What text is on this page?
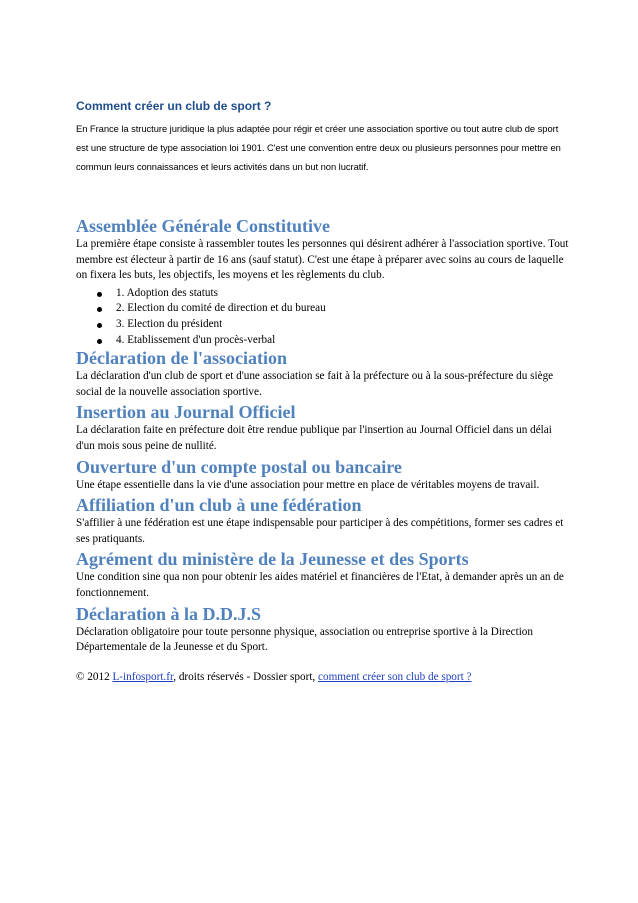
Comment créer un club de sport ?

En France la structure juridique la plus adaptée pour régir et créer une association sportive ou tout autre club de sport est une structure de type association loi 1901. C'est une convention entre deux ou plusieurs personnes pour mettre en commun leurs connaissances et leurs activités dans un but non lucratif.

Assemblée Générale Constitutive

La première étape consiste à rassembler toutes les personnes qui désirent adhérer à l'association sportive. Tout membre est électeur à partir de 16 ans (sauf statut). C'est une étape à préparer avec soins au cours de laquelle on fixera les buts, les objectifs, les moyens et les règlements du club.

1. Adoption des statuts
2. Election du comité de direction et du bureau
3. Election du président
4. Etablissement d'un procès-verbal
Déclaration de l'association

La déclaration d'un club de sport et d'une association se fait à la préfecture ou à la sous-préfecture du siège social de la nouvelle association sportive.

Insertion au Journal Officiel

La déclaration faite en préfecture doit être rendue publique par l'insertion au Journal Officiel dans un délai d'un mois sous peine de nullité.

Ouverture d'un compte postal ou bancaire

Une étape essentielle dans la vie d'une association pour mettre en place de véritables moyens de travail.

Affiliation d'un club à une fédération

S'affilier à une fédération est une étape indispensable pour participer à des compétitions, former ses cadres et ses pratiquants.

Agrément du ministère de la Jeunesse et des Sports

Une condition sine qua non pour obtenir les aides matériel et financières de l'Etat, à demander après un an de fonctionnement.

Déclaration à la D.D.J.S

Déclaration obligatoire pour toute personne physique, association ou entreprise sportive à la Direction Départementale de la Jeunesse et du Sport.

© 2012 L-infosport.fr, droits réservés - Dossier sport, comment créer son club de sport ?
